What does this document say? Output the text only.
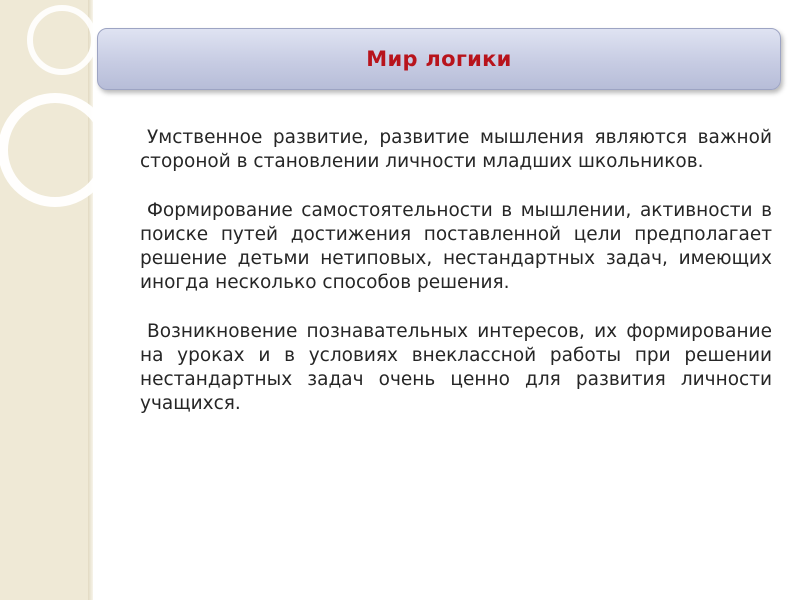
Мир логики

Умственное развитие, развитие мышления являются важной стороной в становлении личности младших школьников.

Формирование самостоятельности в мышлении, активности в поиске путей достижения поставленной цели предполагает решение детьми нетиповых, нестандартных задач, имеющих иногда несколько способов решения.

Возникновение познавательных интересов, их формирование на уроках и в условиях внеклассной работы при решении нестандартных задач очень ценно для развития личности учащихся.
